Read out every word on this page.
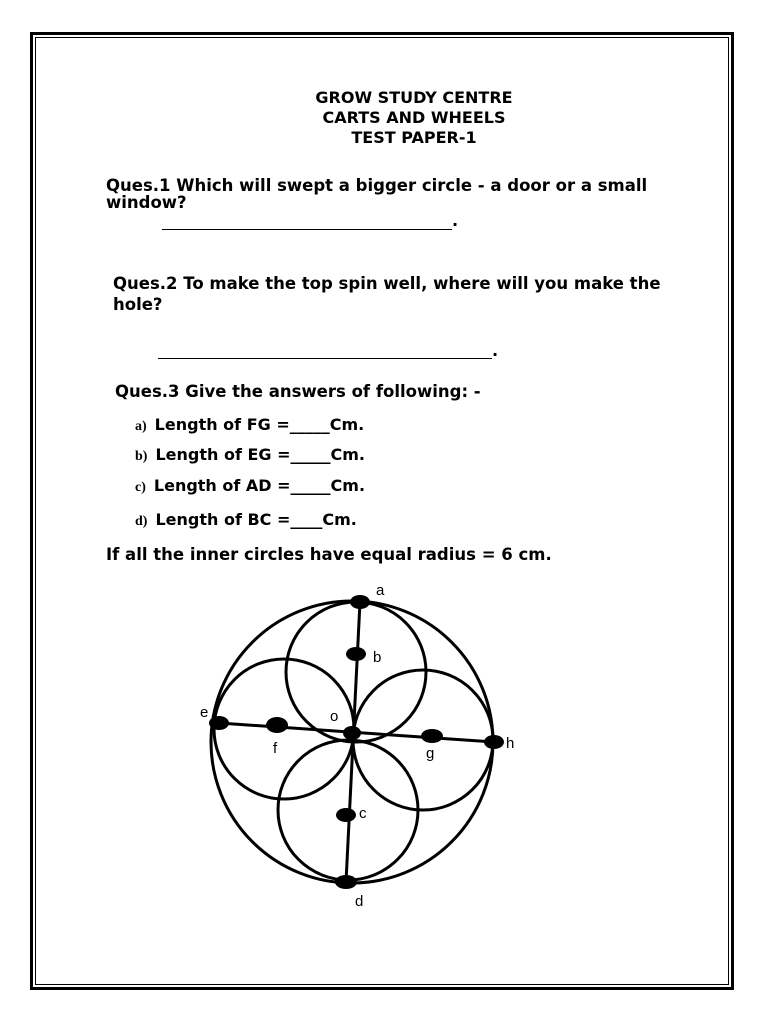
GROW STUDY CENTRE
CARTS AND WHEELS
TEST PAPER-1
Ques.1 Which will swept a bigger circle - a door or a small
window?
.
Ques.2 To make the top spin well, where will you make the
hole?
.
Ques.3 Give the answers of following: -
a) Length of FG =_____Cm.
b) Length of EG =_____Cm.
c) Length of AD =_____Cm.
d) Length of BC =____Cm.
If all the inner circles have equal radius = 6 cm.
a
b
o
c
d
e
f	g
h
